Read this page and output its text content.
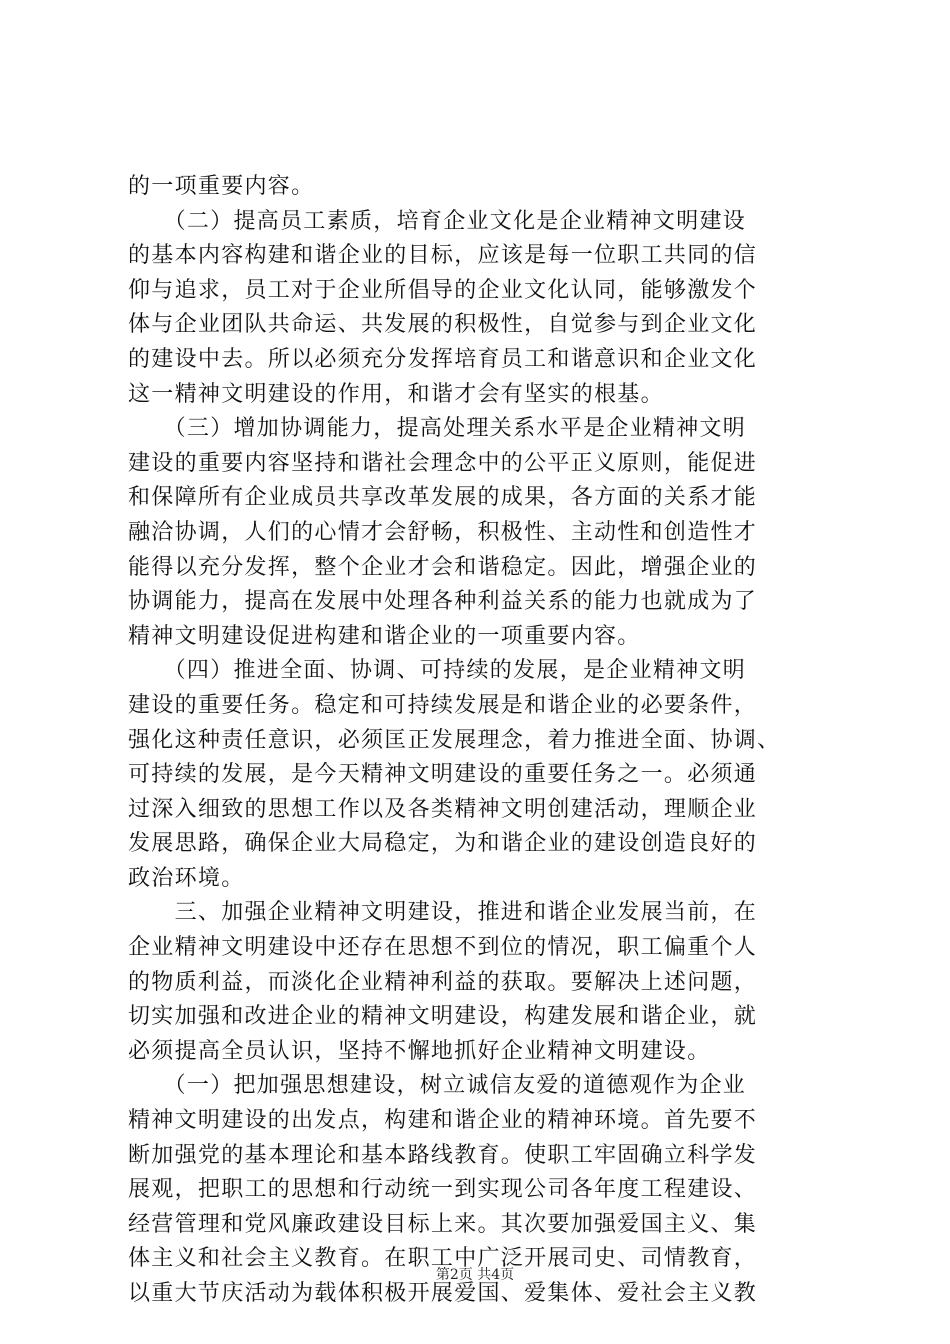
的一项重要内容。
　　（二）提高员工素质，培育企业文化是企业精神文明建设
的基本内容构建和谐企业的目标，应该是每一位职工共同的信
仰与追求，员工对于企业所倡导的企业文化认同，能够激发个
体与企业团队共命运、共发展的积极性，自觉参与到企业文化
的建设中去。所以必须充分发挥培育员工和谐意识和企业文化
这一精神文明建设的作用，和谐才会有坚实的根基。
　　（三）增加协调能力，提高处理关系水平是企业精神文明
建设的重要内容坚持和谐社会理念中的公平正义原则，能促进
和保障所有企业成员共享改革发展的成果，各方面的关系才能
融洽协调，人们的心情才会舒畅，积极性、主动性和创造性才
能得以充分发挥，整个企业才会和谐稳定。因此，增强企业的
协调能力，提高在发展中处理各种利益关系的能力也就成为了
精神文明建设促进构建和谐企业的一项重要内容。
　　（四）推进全面、协调、可持续的发展，是企业精神文明
建设的重要任务。稳定和可持续发展是和谐企业的必要条件，
强化这种责任意识，必须匡正发展理念，着力推进全面、协调、
可持续的发展，是今天精神文明建设的重要任务之一。必须通
过深入细致的思想工作以及各类精神文明创建活动，理顺企业
发展思路，确保企业大局稳定，为和谐企业的建设创造良好的
政治环境。
　　三、加强企业精神文明建设，推进和谐企业发展当前，在
企业精神文明建设中还存在思想不到位的情况，职工偏重个人
的物质利益，而淡化企业精神利益的获取。要解决上述问题，
切实加强和改进企业的精神文明建设，构建发展和谐企业，就
必须提高全员认识，坚持不懈地抓好企业精神文明建设。
　　（一）把加强思想建设，树立诚信友爱的道德观作为企业
精神文明建设的出发点，构建和谐企业的精神环境。首先要不
断加强党的基本理论和基本路线教育。使职工牢固确立科学发
展观，把职工的思想和行动统一到实现公司各年度工程建设、
经营管理和党风廉政建设目标上来。其次要加强爱国主义、集
体主义和社会主义教育。在职工中广泛开展司史、司情教育，
以重大节庆活动为载体积极开展爱国、爱集体、爱社会主义教
第2页 共4页
